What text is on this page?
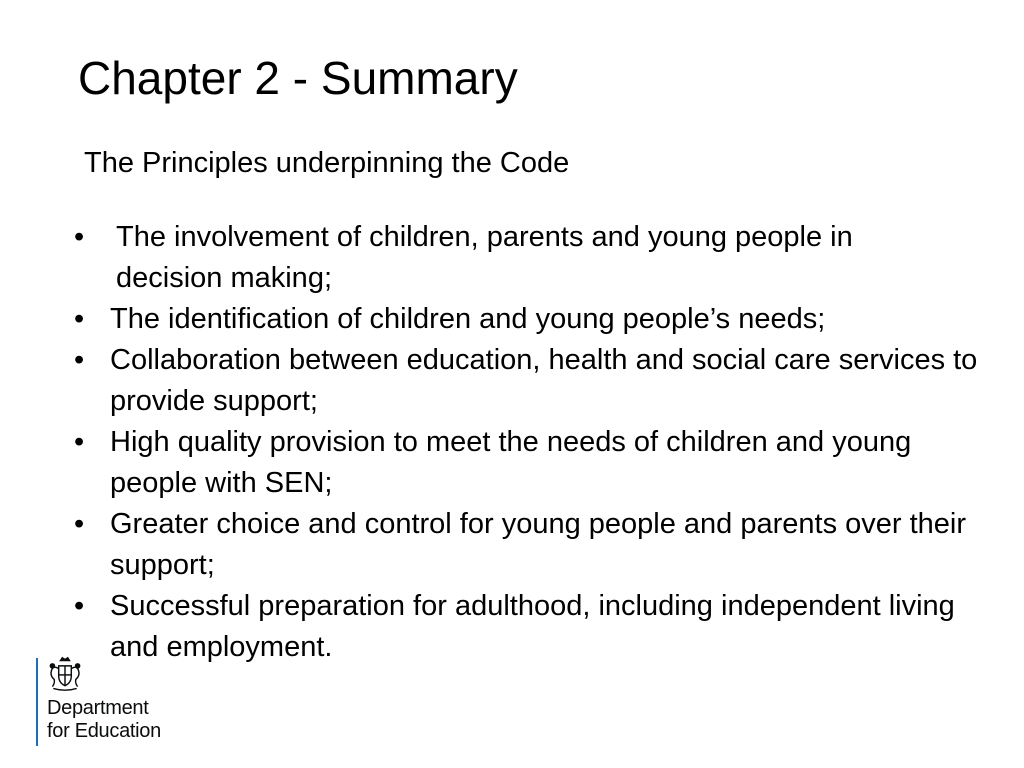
Chapter 2 - Summary

The Principles underpinning the Code

• The involvement of children, parents and young people in decision making;
• The identification of children and young people’s needs;
• Collaboration between education, health and social care services to provide support;
• High quality provision to meet the needs of children and young people with SEN;
• Greater choice and control for young people and parents over their support;
• Successful preparation for adulthood, including independent living and employment.
Department
for Education
